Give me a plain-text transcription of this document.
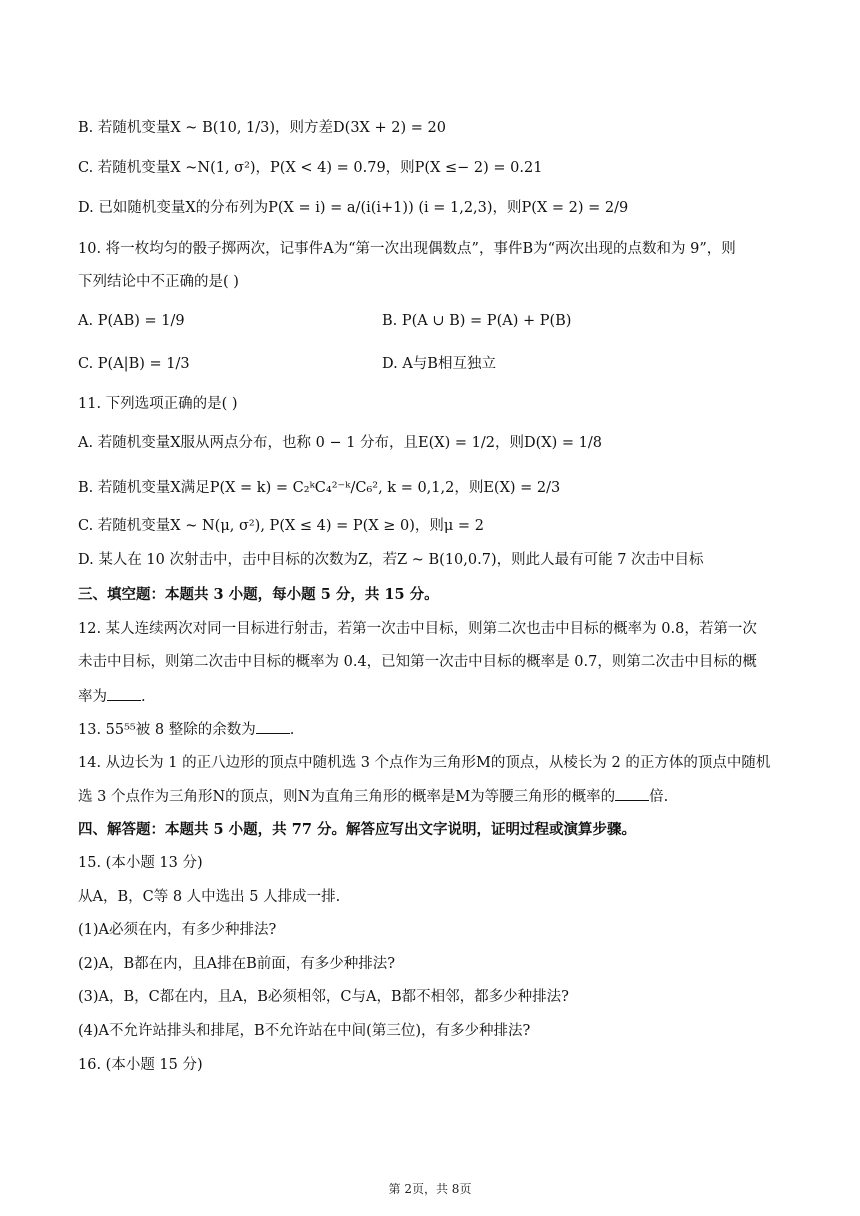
B. 若随机变量X ~ B(10, 1/3)，则方差D(3X + 2) = 20
C. 若随机变量X ~N(1, σ²)，P(X < 4) = 0.79，则P(X ≤− 2) = 0.21
D. 已如随机变量X的分布列为P(X = i) = a/(i(i+1)) (i = 1,2,3)，则P(X = 2) = 2/9
10. 将一枚均匀的骰子掷两次，记事件A为“第一次出现偶数点”，事件B为“两次出现的点数和为 9”，则
下列结论中不正确的是( )
A. P(AB) = 1/9	B. P(A ∪ B) = P(A) + P(B)
C. P(A|B) = 1/3	D. A与B相互独立
11. 下列选项正确的是( )
A. 若随机变量X服从两点分布，也称 0 − 1 分布，且E(X) = 1/2，则D(X) = 1/8
B. 若随机变量X满足P(X = k) = C₂ᵏC₄²⁻ᵏ/C₆², k = 0,1,2，则E(X) = 2/3
C. 若随机变量X ~ N(μ, σ²), P(X ≤ 4) = P(X ≥ 0)，则μ = 2
D. 某人在 10 次射击中，击中目标的次数为Z，若Z ~ B(10,0.7)，则此人最有可能 7 次击中目标
三、填空题：本题共 3 小题，每小题 5 分，共 15 分。
12. 某人连续两次对同一目标进行射击，若第一次击中目标，则第二次也击中目标的概率为 0.8，若第一次
未击中目标，则第二次击中目标的概率为 0.4，已知第一次击中目标的概率是 0.7，则第二次击中目标的概
率为 .
13. 55⁵⁵被 8 整除的余数为 .
14. 从边长为 1 的正八边形的顶点中随机选 3 个点作为三角形M的顶点，从棱长为 2 的正方体的顶点中随机
选 3 个点作为三角形N的顶点，则N为直角三角形的概率是M为等腰三角形的概率的 倍.
四、解答题：本题共 5 小题，共 77 分。解答应写出文字说明，证明过程或演算步骤。
15. (本小题 13 分)
从A，B，C等 8 人中选出 5 人排成一排.
(1)A必须在内，有多少种排法?
(2)A，B都在内，且A排在B前面，有多少种排法?
(3)A，B，C都在内，且A，B必须相邻，C与A，B都不相邻，都多少种排法?
(4)A不允许站排头和排尾，B不允许站在中间(第三位)，有多少种排法?
16. (本小题 15 分)
第 2页，共 8页
